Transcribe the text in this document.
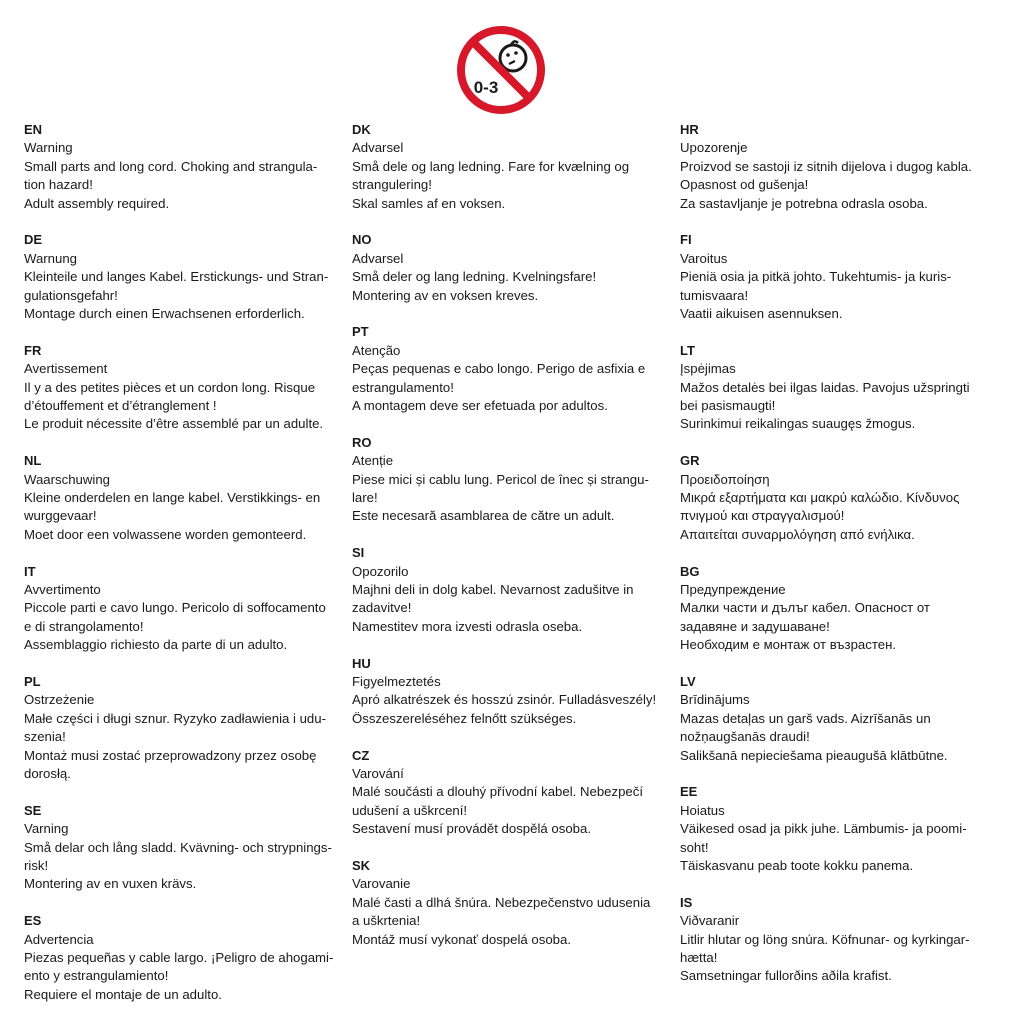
0-3
EN
Warning
Small parts and long cord. Choking and strangula-
tion hazard!
Adult assembly required.
DE
Warnung
Kleinteile und langes Kabel. Erstickungs- und Stran-
gulationsgefahr!
Montage durch einen Erwachsenen erforderlich.
FR
Avertissement
Il y a des petites pièces et un cordon long. Risque
d’étouffement et d’étranglement !
Le produit nécessite d’être assemblé par un adulte.
NL
Waarschuwing
Kleine onderdelen en lange kabel. Verstikkings- en
wurggevaar!
Moet door een volwassene worden gemonteerd.
IT
Avvertimento
Piccole parti e cavo lungo. Pericolo di soffocamento
e di strangolamento!
Assemblaggio richiesto da parte di un adulto.
PL
Ostrzeżenie
Małe części i długi sznur. Ryzyko zadławienia i udu-
szenia!
Montaż musi zostać przeprowadzony przez osobę
dorosłą.
SE
Varning
Små delar och lång sladd. Kvävning- och strypnings-
risk!
Montering av en vuxen krävs.
ES
Advertencia
Piezas pequeñas y cable largo. ¡Peligro de ahogami-
ento y estrangulamiento!
Requiere el montaje de un adulto.
DK
Advarsel
Små dele og lang ledning. Fare for kvælning og
strangulering!
Skal samles af en voksen.
NO
Advarsel
Små deler og lang ledning. Kvelningsfare!
Montering av en voksen kreves.
PT
Atenção
Peças pequenas e cabo longo. Perigo de asfixia e
estrangulamento!
A montagem deve ser efetuada por adultos.
RO
Atenție
Piese mici și cablu lung. Pericol de înec și strangu-
lare!
Este necesară asamblarea de către un adult.
SI
Opozorilo
Majhni deli in dolg kabel. Nevarnost zadušitve in
zadavitve!
Namestitev mora izvesti odrasla oseba.
HU
Figyelmeztetés
Apró alkatrészek és hosszú zsinór. Fulladásveszély!
Összeszereléséhez felnőtt szükséges.
CZ
Varování
Malé součásti a dlouhý přívodní kabel. Nebezpečí
udušení a uškrcení!
Sestavení musí provádět dospělá osoba.
SK
Varovanie
Malé časti a dlhá šnúra. Nebezpečenstvo udusenia
a uškrtenia!
Montáž musí vykonať dospelá osoba.
HR
Upozorenje
Proizvod se sastoji iz sitnih dijelova i dugog kabla.
Opasnost od gušenja!
Za sastavljanje je potrebna odrasla osoba.
FI
Varoitus
Pieniä osia ja pitkä johto. Tukehtumis- ja kuris-
tumisvaara!
Vaatii aikuisen asennuksen.
LT
Įspėjimas
Mažos detalės bei ilgas laidas. Pavojus užspringti
bei pasismaugti!
Surinkimui reikalingas suaugęs žmogus.
GR
Προειδοποίηση
Μικρά εξαρτήματα και μακρύ καλώδιο. Κίνδυνος
πνιγμού και στραγγαλισμού!
Απαιτείται συναρμολόγηση από ενήλικα.
BG
Предупреждение
Малки части и дълъг кабел. Опасност от
задавяне и задушаване!
Необходим е монтаж от възрастен.
LV
Brīdinājums
Mazas detaļas un garš vads. Aizrīšanās un
nožņaugšanās draudi!
Salikšanā nepieciešama pieaugušā klātbūtne.
EE
Hoiatus
Väikesed osad ja pikk juhe. Lämbumis- ja poomi-
soht!
Täiskasvanu peab toote kokku panema.
IS
Viðvaranir
Litlir hlutar og löng snúra. Köfnunar- og kyrkingar-
hætta!
Samsetningar fullorðins aðila krafist.
